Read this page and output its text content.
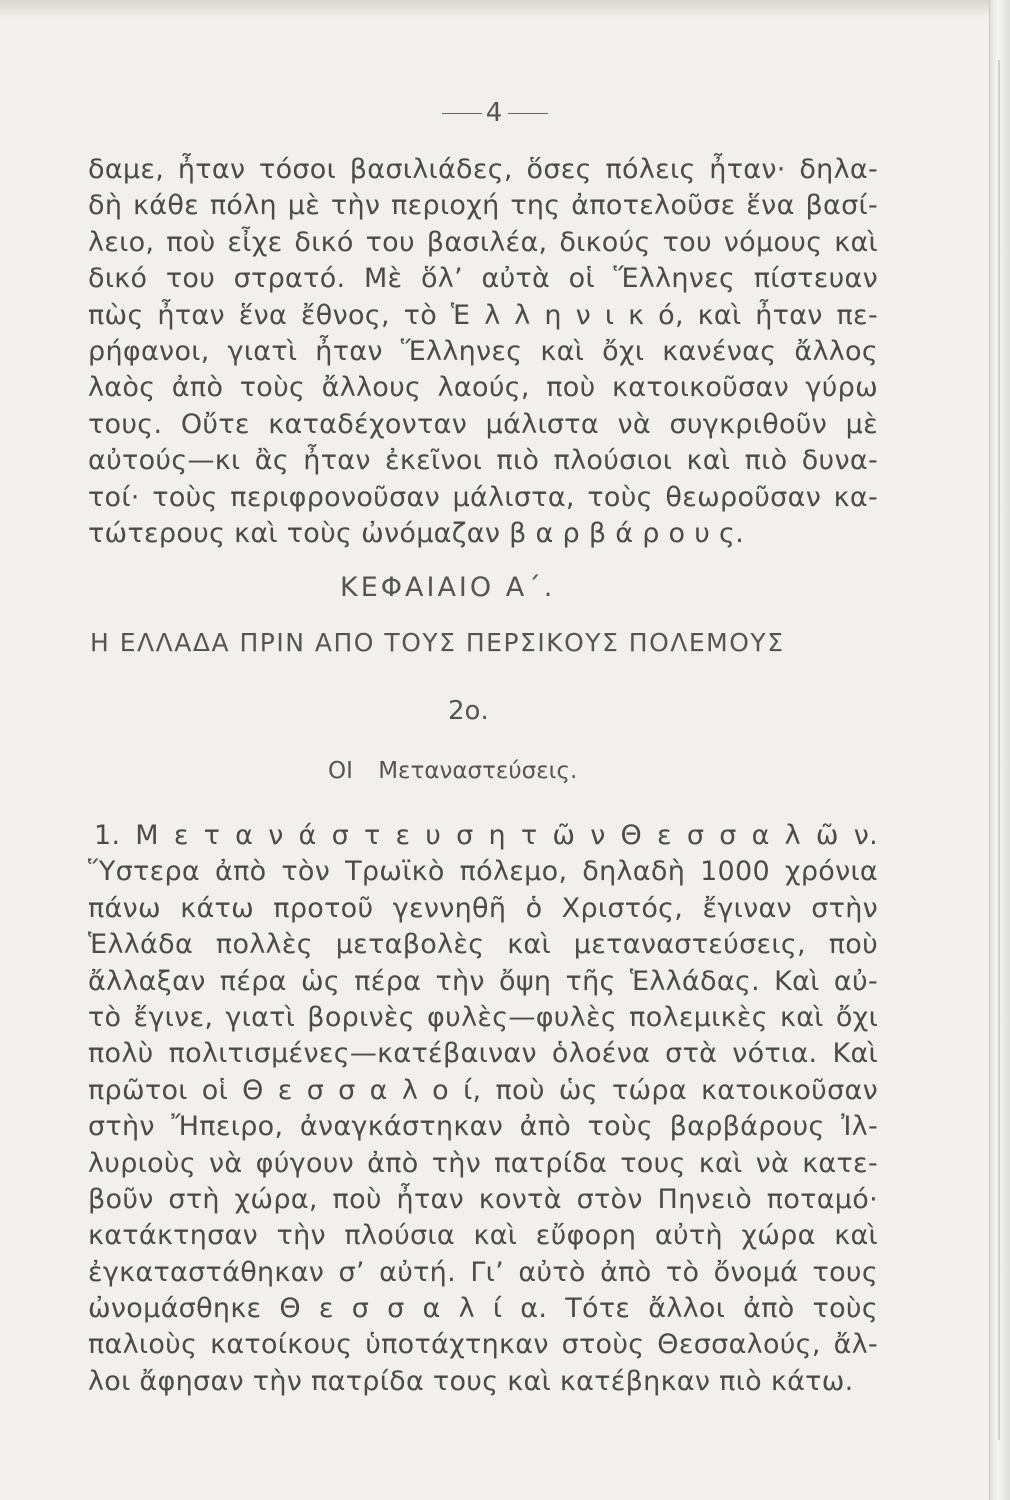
4
δαμε, ἦταν τόσοι βασιλιάδες, ὅσες πόλεις ἦταν· δηλα-
δὴ κάθε πόλη μὲ τὴν περιοχή της ἀποτελοῦσε ἕνα βασί-
λειο, ποὺ εἶχε δικό του βασιλέα, δικούς του νόμους καὶ
δικό του στρατό. Μὲ ὅλ’ αὐτὰ οἱ Ἕλληνες πίστευαν
πὼς ἦταν ἕνα ἔθνος, τὸ Ἑ λ λ η ν ι κ ό, καὶ ἦταν πε-
ρήφανοι, γιατὶ ἦταν Ἕλληνες καὶ ὄχι κανένας ἄλλος
λαὸς ἀπὸ τοὺς ἄλλους λαούς, ποὺ κατοικοῦσαν γύρω
τους. Οὔτε καταδέχονταν μάλιστα νὰ συγκριθοῦν μὲ
αὐτούς—κι ἂς ἦταν ἐκεῖνοι πιὸ πλούσιοι καὶ πιὸ δυνα-
τοί· τοὺς περιφρονοῦσαν μάλιστα, τοὺς θεωροῦσαν κα-
τώτερους καὶ τοὺς ὠνόμαζαν β α ρ β ά ρ ο υ ς.
ΚΕΦΑΙΑΙΟ Α΄.
Η ΕΛΛΑΔΑ ΠΡΙΝ ΑΠΟ ΤΟΥΣ ΠΕΡΣΙΚΟΥΣ ΠΟΛΕΜΟΥΣ
2ο.
ΟΙ Μεταναστεύσεις.
1. Μ ε τ α ν ά σ τ ε υ σ η τ ῶ ν Θ ε σ σ α λ ῶ ν.
Ὕστερα ἀπὸ τὸν Τρωϊκὸ πόλεμο, δηλαδὴ 1000 χρόνια
πάνω κάτω προτοῦ γεννηθῆ ὁ Χριστός, ἔγιναν στὴν
Ἑλλάδα πολλὲς μεταβολὲς καὶ μεταναστεύσεις, ποὺ
ἄλλαξαν πέρα ὡς πέρα τὴν ὄψη τῆς Ἑλλάδας. Καὶ αὐ-
τὸ ἔγινε, γιατὶ βορινὲς φυλὲς—φυλὲς πολεμικὲς καὶ ὄχι
πολὺ πολιτισμένες—κατέβαιναν ὁλοένα στὰ νότια. Καὶ
πρῶτοι οἱ Θ ε σ σ α λ ο ί, ποὺ ὡς τώρα κατοικοῦσαν
στὴν Ἤπειρο, ἀναγκάστηκαν ἀπὸ τοὺς βαρβάρους Ἰλ-
λυριοὺς νὰ φύγουν ἀπὸ τὴν πατρίδα τους καὶ νὰ κατε-
βοῦν στὴ χώρα, ποὺ ἦταν κοντὰ στὸν Πηνειὸ ποταμό·
κατάκτησαν τὴν πλούσια καὶ εὔφορη αὐτὴ χώρα καὶ
ἐγκαταστάθηκαν σ’ αὐτή. Γι’ αὐτὸ ἀπὸ τὸ ὄνομά τους
ὠνομάσθηκε Θ ε σ σ α λ ί α. Τότε ἄλλοι ἀπὸ τοὺς
παλιοὺς κατοίκους ὑποτάχτηκαν στοὺς Θεσσαλούς, ἄλ-
λοι ἄφησαν τὴν πατρίδα τους καὶ κατέβηκαν πιὸ κάτω.
